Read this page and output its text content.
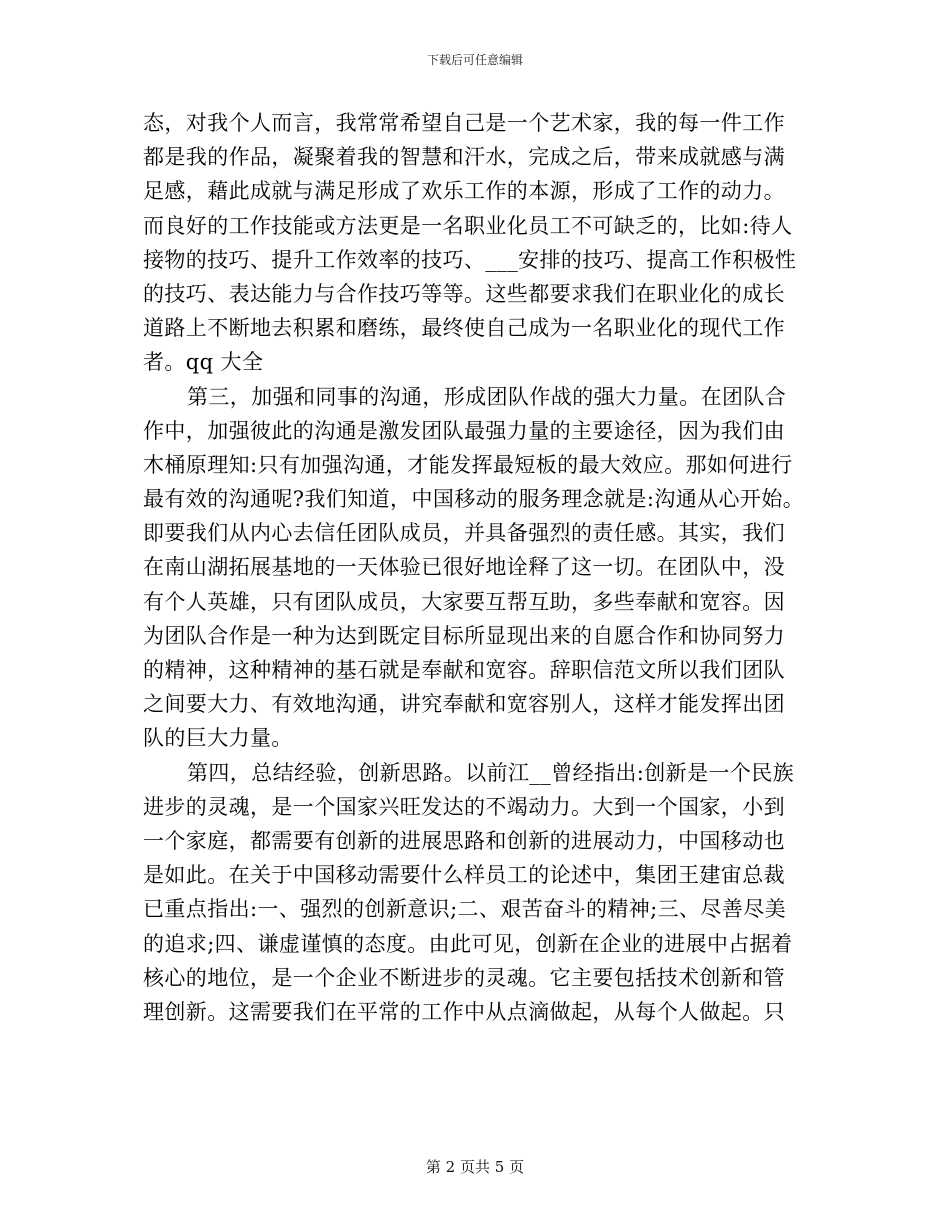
下载后可任意编辑
态，对我个人而言，我常常希望自己是一个艺术家，我的每一件工作
都是我的作品，凝聚着我的智慧和汗水，完成之后，带来成就感与满
足感，藉此成就与满足形成了欢乐工作的本源，形成了工作的动力。
而良好的工作技能或方法更是一名职业化员工不可缺乏的，比如:待人
接物的技巧、提升工作效率的技巧、___安排的技巧、提高工作积极性
的技巧、表达能力与合作技巧等等。这些都要求我们在职业化的成长
道路上不断地去积累和磨练，最终使自己成为一名职业化的现代工作
者。qq 大全
第三，加强和同事的沟通，形成团队作战的强大力量。在团队合
作中，加强彼此的沟通是激发团队最强力量的主要途径，因为我们由
木桶原理知:只有加强沟通，才能发挥最短板的最大效应。那如何进行
最有效的沟通呢?我们知道，中国移动的服务理念就是:沟通从心开始。
即要我们从内心去信任团队成员，并具备强烈的责任感。其实，我们
在南山湖拓展基地的一天体验已很好地诠释了这一切。在团队中，没
有个人英雄，只有团队成员，大家要互帮互助，多些奉献和宽容。因
为团队合作是一种为达到既定目标所显现出来的自愿合作和协同努力
的精神，这种精神的基石就是奉献和宽容。辞职信范文所以我们团队
之间要大力、有效地沟通，讲究奉献和宽容别人，这样才能发挥出团
队的巨大力量。
第四，总结经验，创新思路。以前江__曾经指出:创新是一个民族
进步的灵魂，是一个国家兴旺发达的不竭动力。大到一个国家，小到
一个家庭，都需要有创新的进展思路和创新的进展动力，中国移动也
是如此。在关于中国移动需要什么样员工的论述中，集团王建宙总裁
已重点指出:一、强烈的创新意识;二、艰苦奋斗的精神;三、尽善尽美
的追求;四、谦虚谨慎的态度。由此可见，创新在企业的进展中占据着
核心的地位，是一个企业不断进步的灵魂。它主要包括技术创新和管
理创新。这需要我们在平常的工作中从点滴做起，从每个人做起。只
第 2 页共 5 页
